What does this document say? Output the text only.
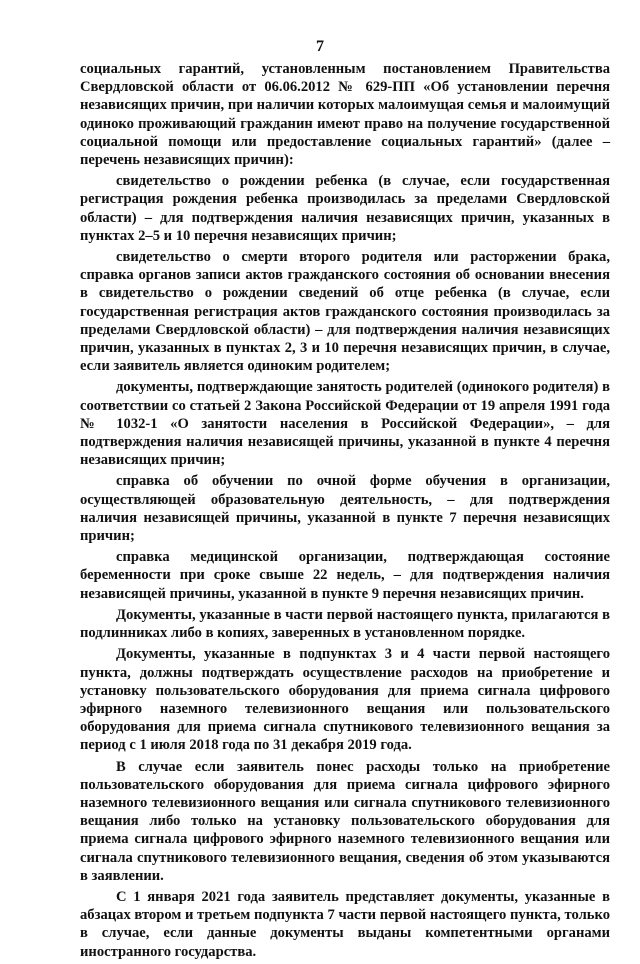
7

социальных гарантий, установленным постановлением Правительства Свердловской области от 06.06.2012 № 629-ПП «Об установлении перечня независящих причин, при наличии которых малоимущая семья и малоимущий одиноко проживающий гражданин имеют право на получение государственной социальной помощи или предоставление социальных гарантий» (далее – перечень независящих причин):

свидетельство о рождении ребенка (в случае, если государственная регистрация рождения ребенка производилась за пределами Свердловской области) – для подтверждения наличия независящих причин, указанных в пунктах 2–5 и 10 перечня независящих причин;

свидетельство о смерти второго родителя или расторжении брака, справка органов записи актов гражданского состояния об основании внесения в свидетельство о рождении сведений об отце ребенка (в случае, если государственная регистрация актов гражданского состояния производилась за пределами Свердловской области) – для подтверждения наличия независящих причин, указанных в пунктах 2, 3 и 10 перечня независящих причин, в случае, если заявитель является одиноким родителем;

документы, подтверждающие занятость родителей (одинокого родителя) в соответствии со статьей 2 Закона Российской Федерации от 19 апреля 1991 года № 1032-1 «О занятости населения в Российской Федерации», – для подтверждения наличия независящей причины, указанной в пункте 4 перечня независящих причин;

справка об обучении по очной форме обучения в организации, осуществляющей образовательную деятельность, – для подтверждения наличия независящей причины, указанной в пункте 7 перечня независящих причин;

справка медицинской организации, подтверждающая состояние беременности при сроке свыше 22 недель, – для подтверждения наличия независящей причины, указанной в пункте 9 перечня независящих причин.

Документы, указанные в части первой настоящего пункта, прилагаются в подлинниках либо в копиях, заверенных в установленном порядке.

Документы, указанные в подпунктах 3 и 4 части первой настоящего пункта, должны подтверждать осуществление расходов на приобретение и установку пользовательского оборудования для приема сигнала цифрового эфирного наземного телевизионного вещания или пользовательского оборудования для приема сигнала спутникового телевизионного вещания за период с 1 июля 2018 года по 31 декабря 2019 года.

В случае если заявитель понес расходы только на приобретение пользовательского оборудования для приема сигнала цифрового эфирного наземного телевизионного вещания или сигнала спутникового телевизионного вещания либо только на установку пользовательского оборудования для приема сигнала цифрового эфирного наземного телевизионного вещания или сигнала спутникового телевизионного вещания, сведения об этом указываются в заявлении.

С 1 января 2021 года заявитель представляет документы, указанные в абзацах втором и третьем подпункта 7 части первой настоящего пункта, только в случае, если данные документы выданы компетентными органами иностранного государства.
